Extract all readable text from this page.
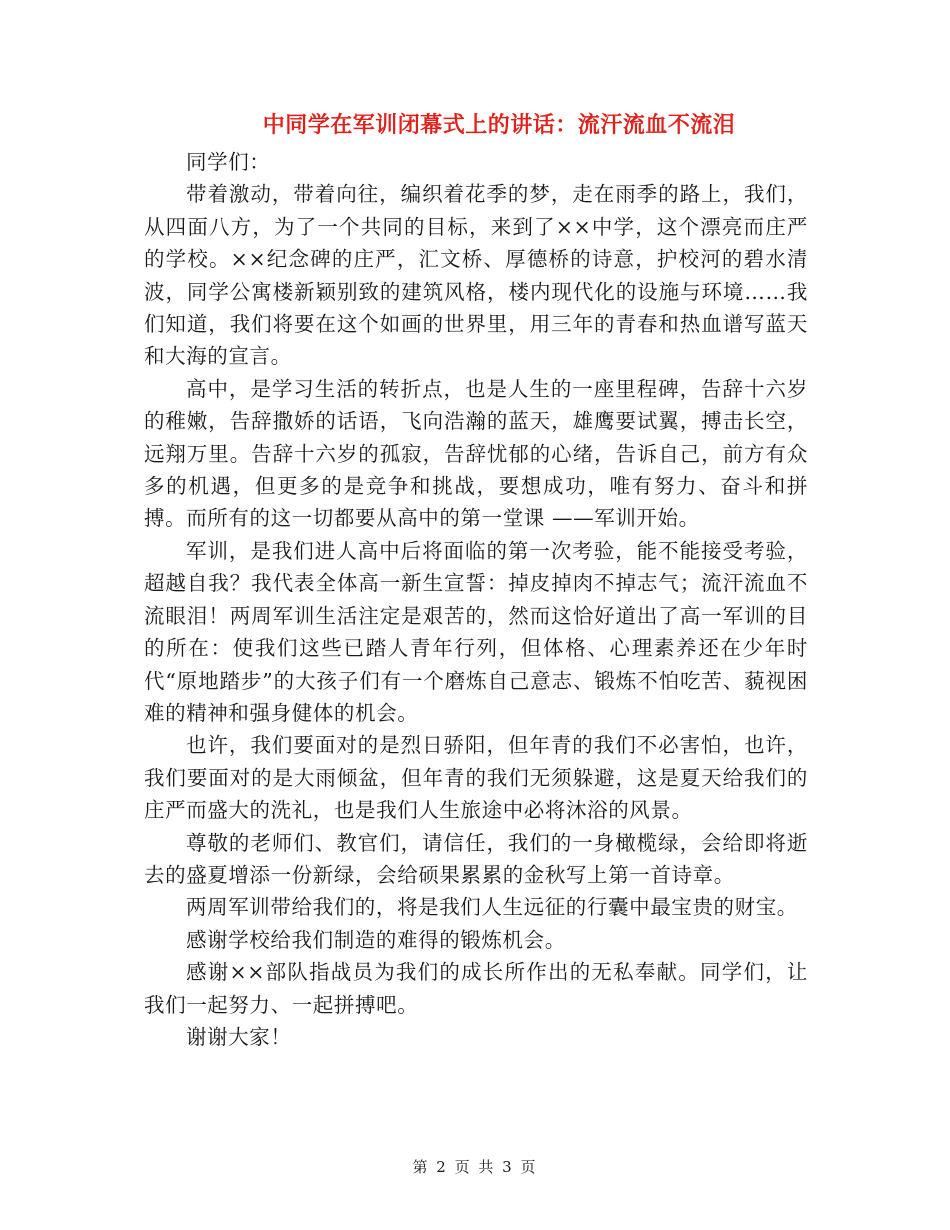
中同学在军训闭幕式上的讲话：流汗流血不流泪

同学们：

带着激动，带着向往，编织着花季的梦，走在雨季的路上，我们，从四面八方，为了一个共同的目标，来到了××中学，这个漂亮而庄严的学校。××纪念碑的庄严，汇文桥、厚德桥的诗意，护校河的碧水清波，同学公寓楼新颖别致的建筑风格，楼内现代化的设施与环境……我们知道，我们将要在这个如画的世界里，用三年的青春和热血谱写蓝天和大海的宣言。

高中，是学习生活的转折点，也是人生的一座里程碑，告辞十六岁的稚嫩，告辞撒娇的话语，飞向浩瀚的蓝天，雄鹰要试翼，搏击长空，远翔万里。告辞十六岁的孤寂，告辞忧郁的心绪，告诉自己，前方有众多的机遇，但更多的是竞争和挑战，要想成功，唯有努力、奋斗和拼搏。而所有的这一切都要从高中的第一堂课 ——军训开始。

军训，是我们进人高中后将面临的第一次考验，能不能接受考验，超越自我？我代表全体高一新生宣誓：掉皮掉肉不掉志气；流汗流血不流眼泪！两周军训生活注定是艰苦的，然而这恰好道出了高一军训的目的所在：使我们这些已踏人青年行列，但体格、心理素养还在少年时代“原地踏步”的大孩子们有一个磨炼自己意志、锻炼不怕吃苦、藐视困难的精神和强身健体的机会。

也许，我们要面对的是烈日骄阳，但年青的我们不必害怕，也许，我们要面对的是大雨倾盆，但年青的我们无须躲避，这是夏天给我们的庄严而盛大的洗礼，也是我们人生旅途中必将沐浴的风景。

尊敬的老师们、教官们，请信任，我们的一身橄榄绿，会给即将逝去的盛夏增添一份新绿，会给硕果累累的金秋写上第一首诗章。

两周军训带给我们的，将是我们人生远征的行囊中最宝贵的财宝。

感谢学校给我们制造的难得的锻炼机会。

感谢××部队指战员为我们的成长所作出的无私奉献。同学们，让我们一起努力、一起拼搏吧。

谢谢大家！

第 2 页 共 3 页
